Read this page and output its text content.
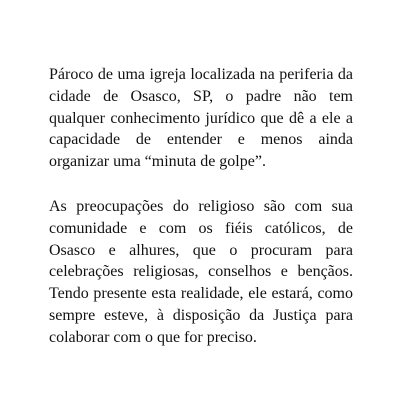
Pároco de uma igreja localizada na periferia da cidade de Osasco, SP, o padre não tem qualquer conhecimento jurídico que dê a ele a capacidade de entender e menos ainda organizar uma “minuta de golpe”.

As preocupações do religioso são com sua comunidade e com os fiéis católicos, de Osasco e alhures, que o procuram para celebrações religiosas, conselhos e bençãos. Tendo presente esta realidade, ele estará, como sempre esteve, à disposição da Justiça para colaborar com o que for preciso.
